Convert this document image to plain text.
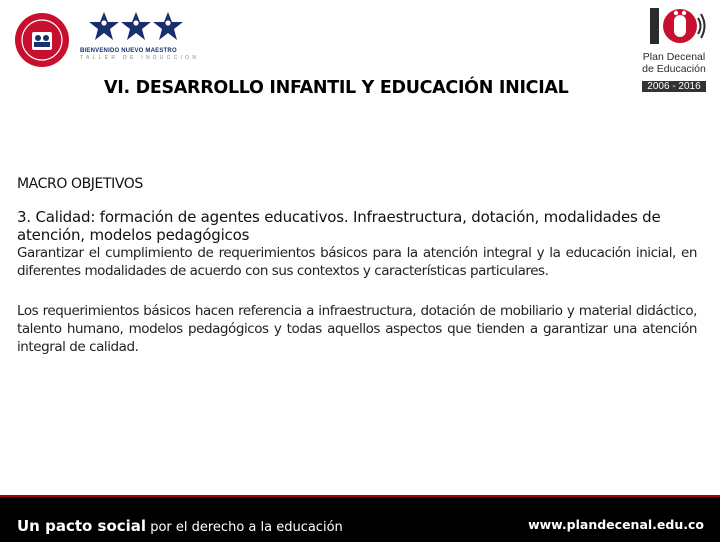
BIENVENIDO NUEVO MAESTRO
TALLER DE INDUCCION	Plan Decenal
de Educación
2006 - 2016
VI. DESARROLLO INFANTIL Y EDUCACIÓN INICIAL

MACRO OBJETIVOS

3. Calidad: formación de agentes educativos. Infraestructura, dotación, modalidades de atención, modelos pedagógicos

Garantizar el cumplimiento de requerimientos básicos para la atención integral y la educación inicial, en diferentes modalidades de acuerdo con sus contextos y características particulares.

Los requerimientos básicos hacen referencia a infraestructura, dotación de mobiliario y material didáctico, talento humano, modelos pedagógicos y todas aquellos aspectos que tienden a garantizar una atención integral de calidad.

Un pacto social por el derecho a la educación	www.plandecenal.edu.co
